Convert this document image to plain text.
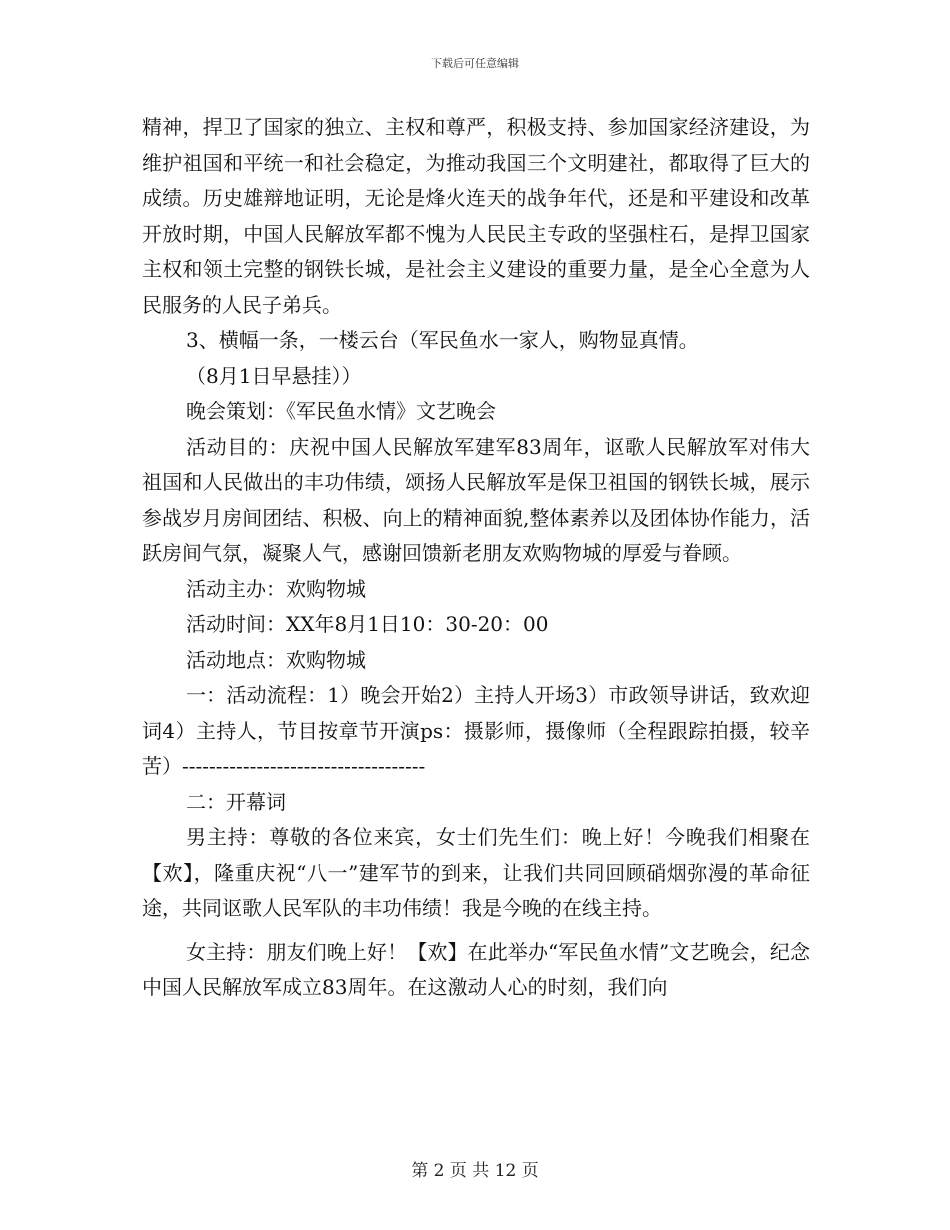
下载后可任意编辑

精神，捍卫了国家的独立、主权和尊严，积极支持、参加国家经济建设，为维护祖国和平统一和社会稳定，为推动我国三个文明建社，都取得了巨大的成绩。历史雄辩地证明，无论是烽火连天的战争年代，还是和平建设和改革开放时期，中国人民解放军都不愧为人民民主专政的坚强柱石，是捍卫国家主权和领土完整的钢铁长城，是社会主义建设的重要力量，是全心全意为人民服务的人民子弟兵。

3、横幅一条，一楼云台（军民鱼水一家人，购物显真情。

（8月1日早悬挂））

晚会策划：《军民鱼水情》文艺晚会

活动目的：庆祝中国人民解放军建军83周年，讴歌人民解放军对伟大祖国和人民做出的丰功伟绩，颂扬人民解放军是保卫祖国的钢铁长城，展示参战岁月房间团结、积极、向上的精神面貌,整体素养以及团体协作能力，活跃房间气氛，凝聚人气，感谢回馈新老朋友欢购物城的厚爱与眷顾。

活动主办：欢购物城

活动时间：XX年8月1日10：30-20：00

活动地点：欢购物城

一：活动流程：1）晚会开始2）主持人开场3）市政领导讲话，致欢迎词4）主持人，节目按章节开演ps：摄影师，摄像师（全程跟踪拍摄，较辛苦）------------------------------------

二：开幕词

男主持：尊敬的各位来宾，女士们先生们：晚上好！今晚我们相聚在【欢】，隆重庆祝“八一”建军节的到来，让我们共同回顾硝烟弥漫的革命征途，共同讴歌人民军队的丰功伟绩！我是今晚的在线主持。

女主持：朋友们晚上好！【欢】在此举办“军民鱼水情”文艺晚会，纪念中国人民解放军成立83周年。在这激动人心的时刻，我们向

第 2 页 共 12 页
